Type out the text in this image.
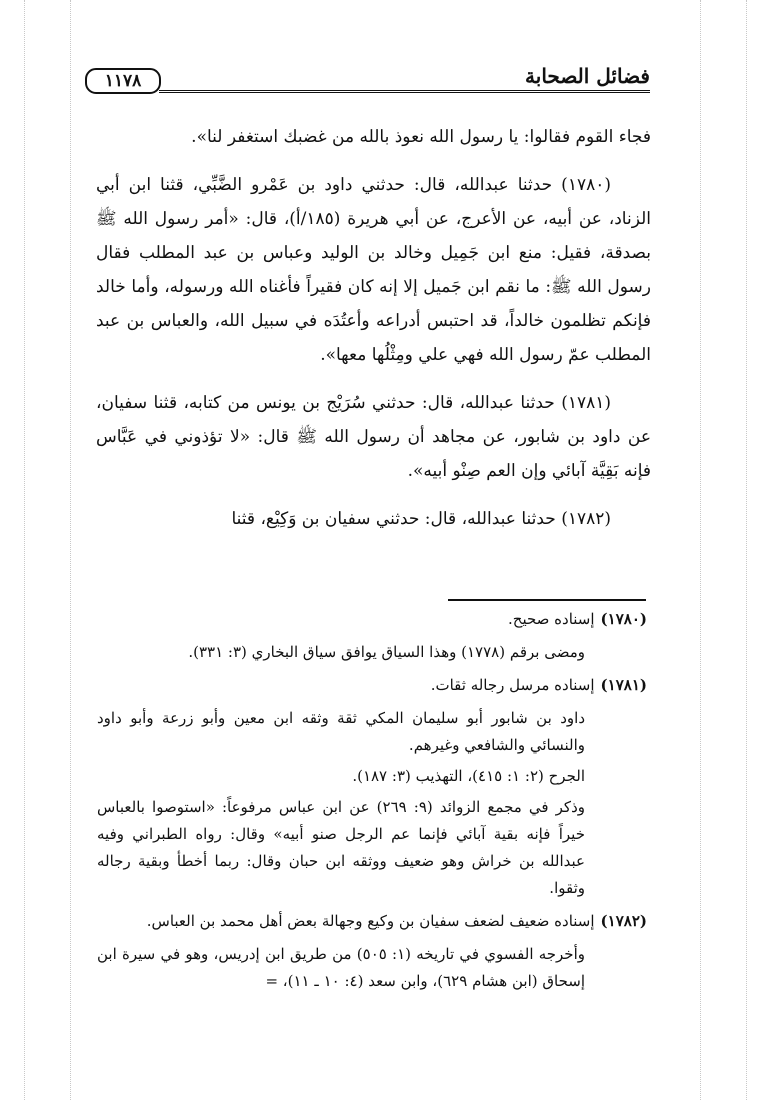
فضائل الصحابة
١١٧٨

فجاء القوم فقالوا: يا رسول الله نعوذ بالله من غضبك استغفر لنا».

(١٧٨٠) حدثنا عبدالله، قال: حدثني داود بن عَمْرو الضَّبِّي، قثنا ابن أبي الزناد، عن أبيه، عن الأعرج، عن أبي هريرة (١٨٥/أ)، قال: «أمر رسول الله ﷺ بصدقة، فقيل: منع ابن جَمِيل وخالد بن الوليد وعباس بن عبد المطلب فقال رسول الله ﷺ: ما نقم ابن جَميل إلا إنه كان فقيراً فأغناه الله ورسوله، وأما خالد فإنكم تظلمون خالداً، قد احتبس أدراعه وأعتُدَه في سبيل الله، والعباس بن عبد المطلب عمّ رسول الله فهي علي ومِثْلُها معها».

(١٧٨١) حدثنا عبدالله، قال: حدثني سُرَيْج بن يونس من كتابه، قثنا سفيان، عن داود بن شابور، عن مجاهد أن رسول الله ﷺ قال: «لا تؤذوني في عَبَّاس فإنه بَقِيَّة آبائي وإن العم صِنْو أبيه».

(١٧٨٢) حدثنا عبدالله، قال: حدثني سفيان بن وَكِيْع، قثنا

(١٧٨٠)

إسناده صحيح.

ومضى برقم (١٧٧٨) وهذا السياق يوافق سياق البخاري (٣: ٣٣١).

(١٧٨١)

إسناده مرسل رجاله ثقات.

داود بن شابور أبو سليمان المكي ثقة وثقه ابن معين وأبو زرعة وأبو داود والنسائي والشافعي وغيرهم.

الجرح (٢: ١: ٤١٥)، التهذيب (٣: ١٨٧).

وذكر في مجمع الزوائد (٩: ٢٦٩) عن ابن عباس مرفوعاً: «استوصوا بالعباس خيراً فإنه بقية آبائي فإنما عم الرجل صنو أبيه» وقال: رواه الطبراني وفيه عبدالله بن خراش وهو ضعيف ووثقه ابن حبان وقال: ربما أخطأ وبقية رجاله وثقوا.

(١٧٨٢)

إسناده ضعيف لضعف سفيان بن وكيع وجهالة بعض أهل محمد بن العباس.

وأخرجه الفسوي في تاريخه (١: ٥٠٥) من طريق ابن إدريس، وهو في سيرة ابن إسحاق (ابن هشام ٦٢٩)، وابن سعد (٤: ١٠ ـ ١١)، =
